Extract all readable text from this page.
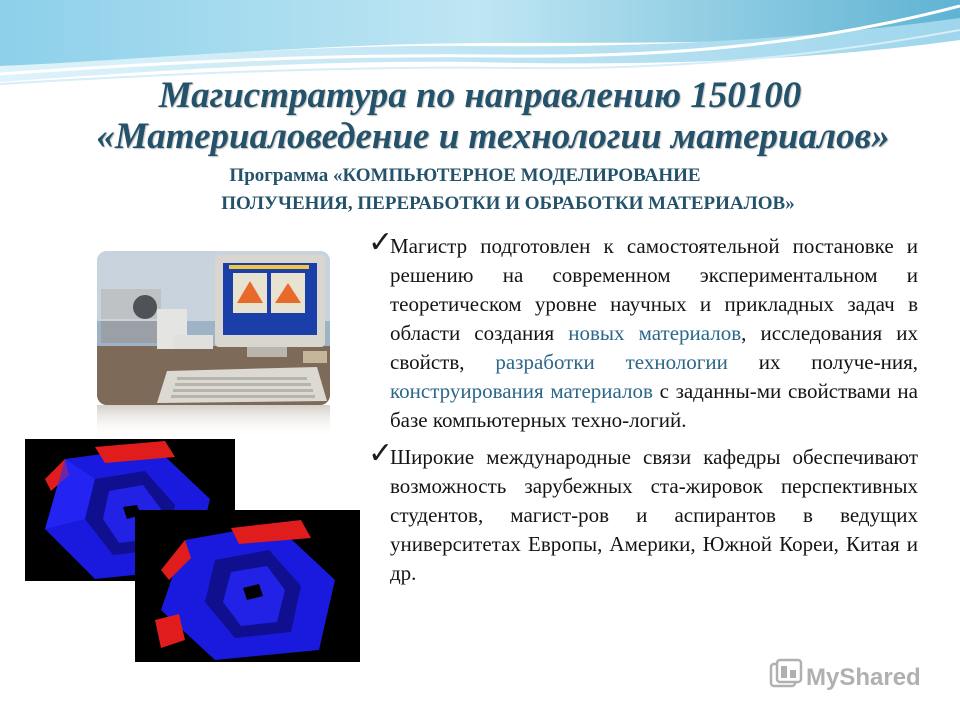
Магистратура по направлению 150100
«Материаловедение и технологии материалов»
Программа «КОМПЬЮТЕРНОЕ МОДЕЛИРОВАНИЕ
ПОЛУЧЕНИЯ, ПЕРЕРАБОТКИ И ОБРАБОТКИ МАТЕРИАЛОВ»
✓
Магистр подготовлен к самостоятельной постановке и решению на современном экспериментальном и теоретическом уровне научных и прикладных задач в области создания новых материалов, исследования их свойств, разработки технологии их получе-ния, конструирования материалов с заданны-ми свойствами на базе компьютерных техно-логий.
✓
Широкие международные связи кафедры обеспечивают возможность зарубежных ста-жировок перспективных студентов, магист-ров и аспирантов в ведущих университетах Европы, Америки, Южной Кореи, Китая и др.
MyShared
